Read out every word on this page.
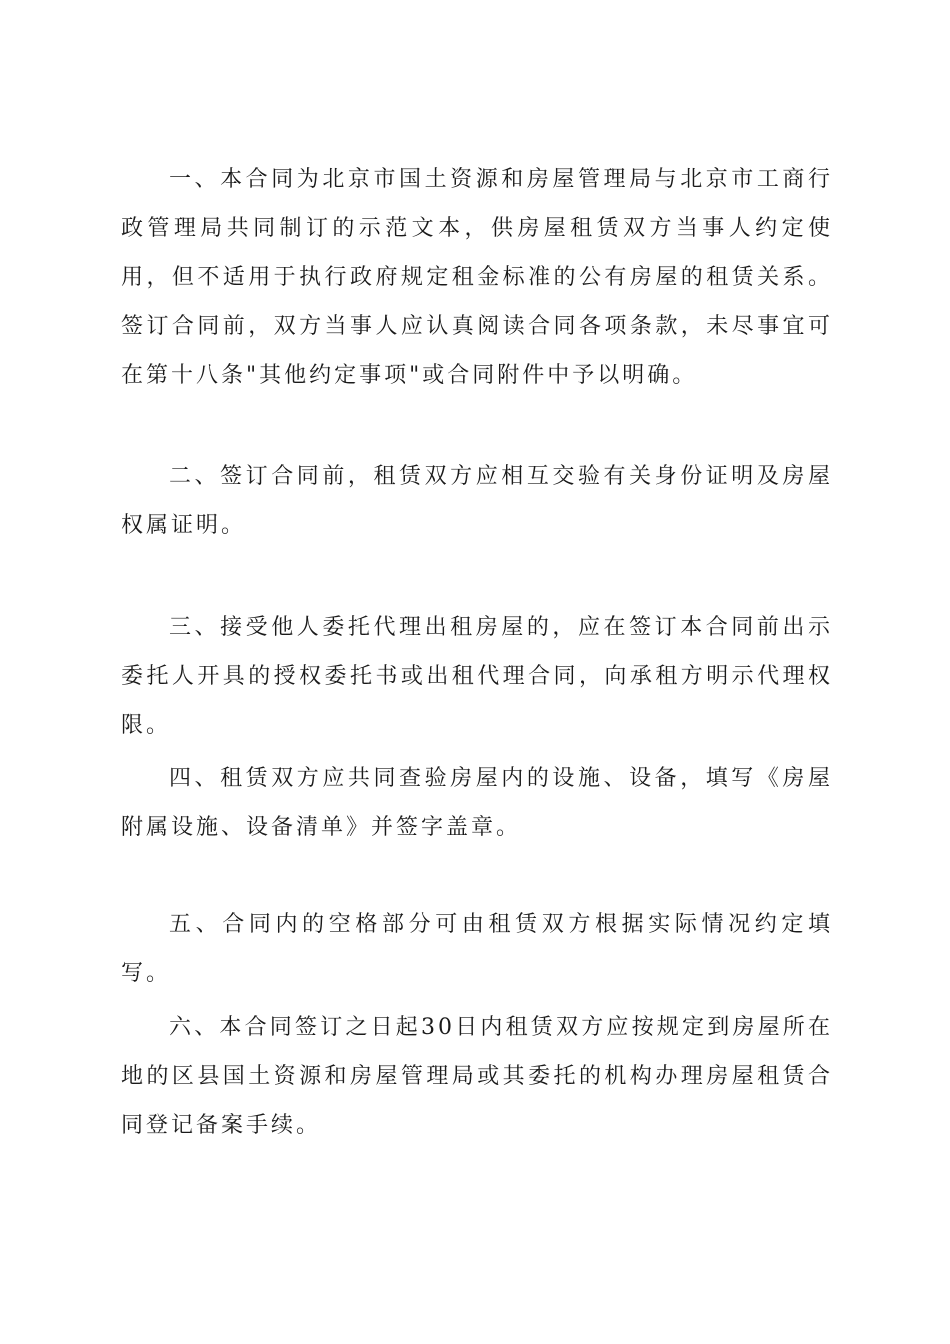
一、本合同为北京市国土资源和房屋管理局与北京市工商行政管理局共同制订的示范文本，供房屋租赁双方当事人约定使用，但不适用于执行政府规定租金标准的公有房屋的租赁关系。签订合同前，双方当事人应认真阅读合同各项条款，未尽事宜可在第十八条"其他约定事项"或合同附件中予以明确。

二、签订合同前，租赁双方应相互交验有关身份证明及房屋权属证明。

三、接受他人委托代理出租房屋的，应在签订本合同前出示委托人开具的授权委托书或出租代理合同，向承租方明示代理权限。

四、租赁双方应共同查验房屋内的设施、设备，填写《房屋附属设施、设备清单》并签字盖章。

五、合同内的空格部分可由租赁双方根据实际情况约定填写。

六、本合同签订之日起30日内租赁双方应按规定到房屋所在地的区县国土资源和房屋管理局或其委托的机构办理房屋租赁合同登记备案手续。
